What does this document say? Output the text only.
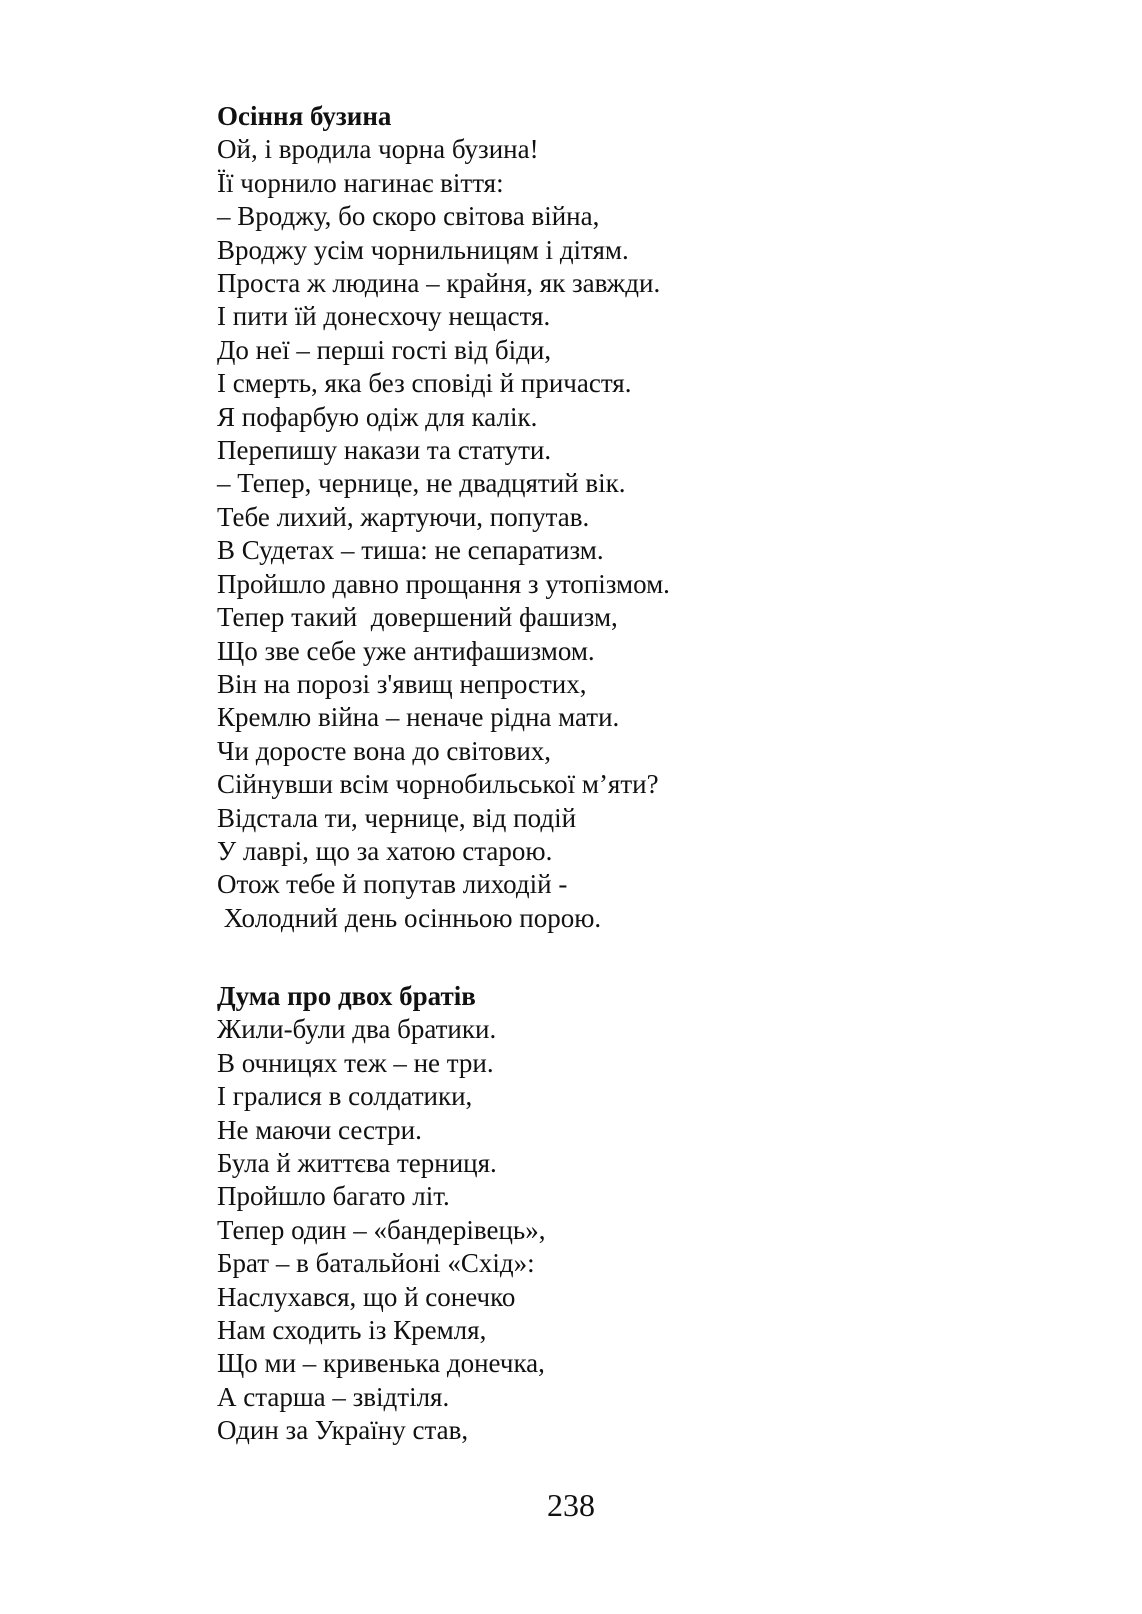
Осіння бузина

Ой, і вродила чорна бузина!

Її чорнило нагинає віття:

– Вроджу, бо скоро світова війна,

Вроджу усім чорнильницям і дітям.

Проста ж людина – крайня, як завжди.

І пити їй донесхочу нещастя.

До неї – перші гості від біди,

І смерть, яка без сповіді й причастя.

Я пофарбую одіж для калік.

Перепишу накази та статути.

– Тепер, чернице, не двадцятий вік.

Тебе лихий, жартуючи, попутав.

В Судетах – тиша: не сепаратизм.

Пройшло давно прощання з утопізмом.

Тепер такий  довершений фашизм,

Що зве себе уже антифашизмом.

Він на порозі з'явищ непростих,

Кремлю війна – неначе рідна мати.

Чи доросте вона до світових,

Сійнувши всім чорнобильської м’яти?

Відстала ти, чернице, від подій

У лаврі, що за хатою старою.

Отож тебе й попутав лиходій -

Холодний день осінньою порою.

Дума про двох братів

Жили-були два братики.

В очницях теж – не три.

І гралися в солдатики,

Не маючи сестри.

Була й життєва терниця.

Пройшло багато літ.

Тепер один – «бандерівець»,

Брат – в батальйоні «Схід»:

Наслухався, що й сонечко

Нам сходить із Кремля,

Що ми – кривенька донечка,

А старша – звідтіля.

Один за Україну став,

238
